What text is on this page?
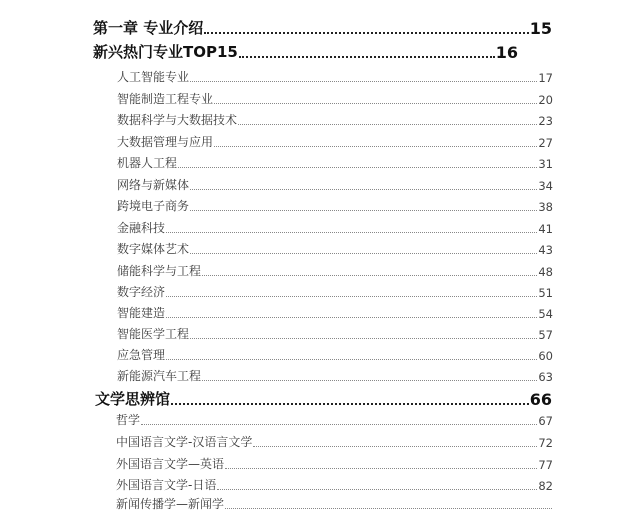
第一章 专业介绍	15
新兴热门专业TOP15	16
人工智能专业	17
智能制造工程专业	20
数据科学与大数据技术	23
大数据管理与应用	27
机器人工程	31
网络与新媒体	34
跨境电子商务	38
金融科技	41
数字媒体艺术	43
储能科学与工程	48
数字经济	51
智能建造	54
智能医学工程	57
应急管理	60
新能源汽车工程	63
文学思辨馆	66
哲学	67
中国语言文学-汉语言文学	72
外国语言文学—英语	77
外国语言文学-日语	82
新闻传播学—新闻学
